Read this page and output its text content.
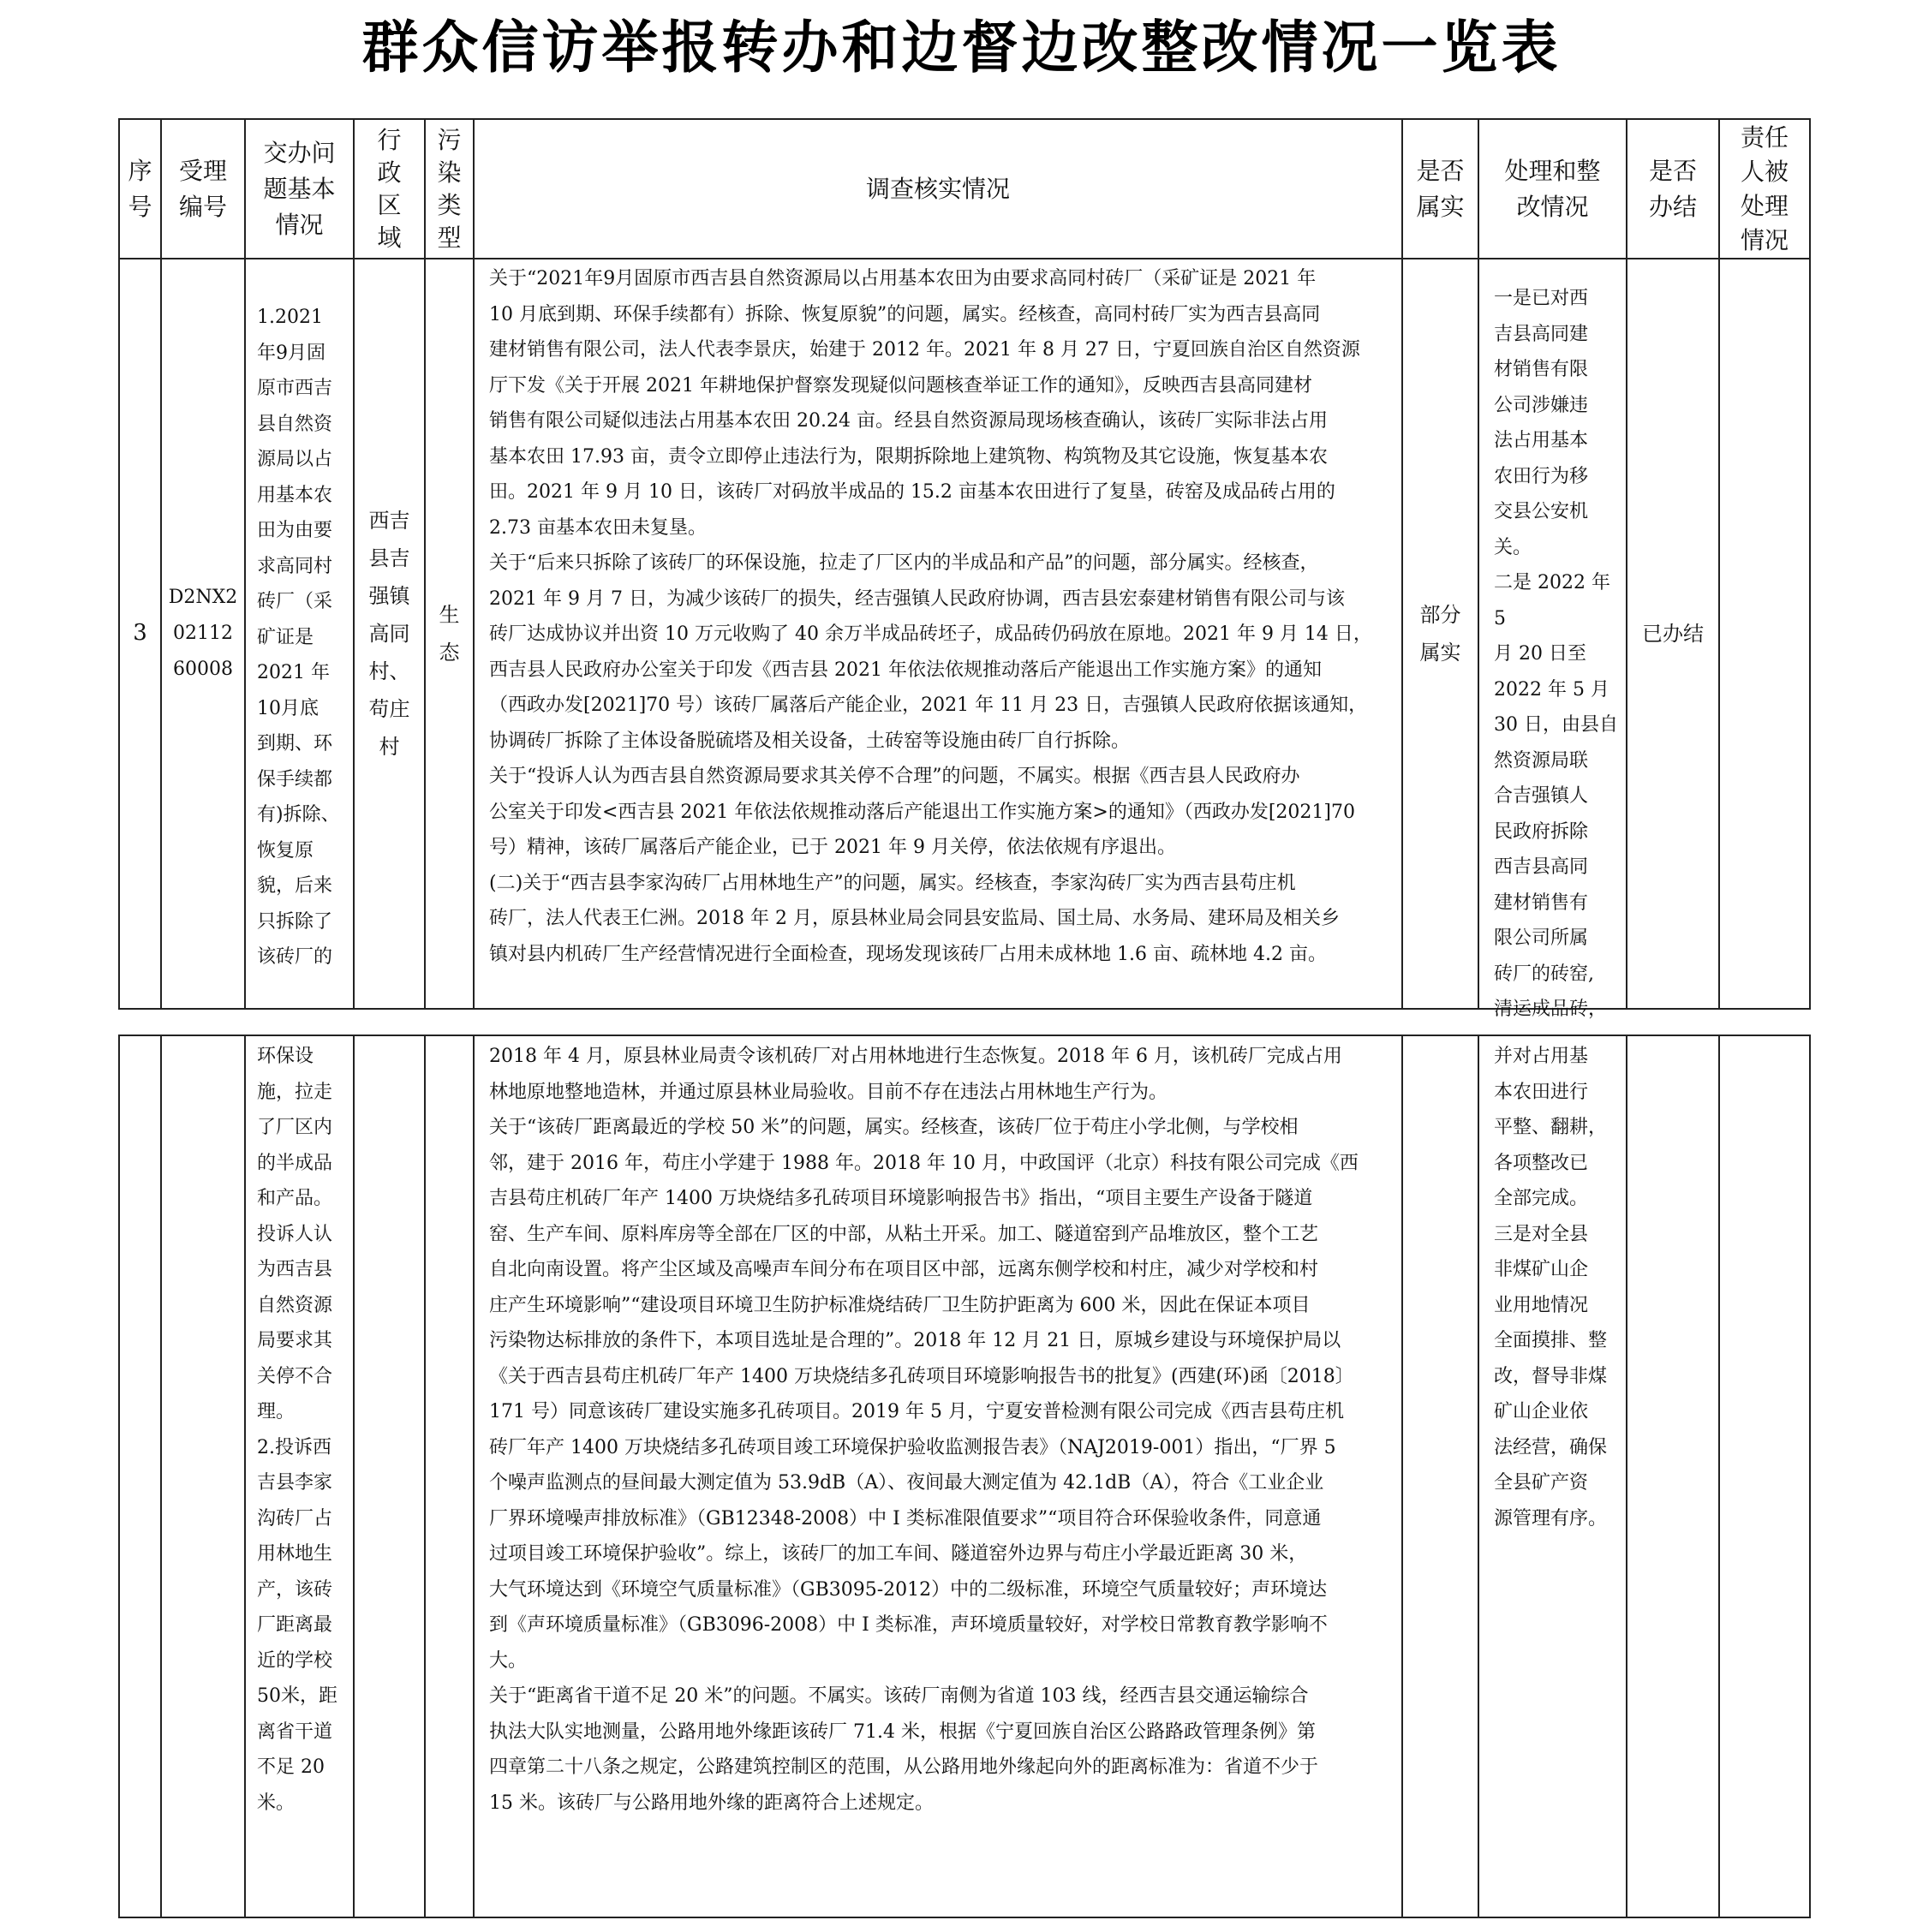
群众信访举报转办和边督边改整改情况一览表
序
号
受理
编号
交办问
题基本
情况
行
政
区
域
污
染
类
型
调查核实情况
是否
属实
处理和整
改情况
是否
办结
责任
人被
处理
情况
3
D2NX2
02112
60008
1.2021
年9月固
原市西吉
县自然资
源局以占
用基本农
田为由要
求高同村
砖厂（采
矿证是
2021 年
10月底
到期、环
保手续都
有)拆除、
恢复原
貌，后来
只拆除了
该砖厂的
西吉
县吉
强镇
高同
村、
苟庄
村
生
态
关于“2021年9月固原市西吉县自然资源局以占用基本农田为由要求高同村砖厂（采矿证是 2021 年
10 月底到期、环保手续都有）拆除、恢复原貌”的问题，属实。经核查，高同村砖厂实为西吉县高同
建材销售有限公司，法人代表李景庆，始建于 2012 年。2021 年 8 月 27 日，宁夏回族自治区自然资源
厅下发《关于开展 2021 年耕地保护督察发现疑似问题核查举证工作的通知》，反映西吉县高同建材
销售有限公司疑似违法占用基本农田 20.24 亩。经县自然资源局现场核查确认，该砖厂实际非法占用
基本农田 17.93 亩，责令立即停止违法行为，限期拆除地上建筑物、构筑物及其它设施，恢复基本农
田。2021 年 9 月 10 日，该砖厂对码放半成品的 15.2 亩基本农田进行了复垦，砖窑及成品砖占用的
2.73 亩基本农田未复垦。
关于“后来只拆除了该砖厂的环保设施，拉走了厂区内的半成品和产品”的问题，部分属实。经核查，
2021 年 9 月 7 日，为减少该砖厂的损失，经吉强镇人民政府协调，西吉县宏泰建材销售有限公司与该
砖厂达成协议并出资 10 万元收购了 40 余万半成品砖坯子，成品砖仍码放在原地。2021 年 9 月 14 日，
西吉县人民政府办公室关于印发《西吉县 2021 年依法依规推动落后产能退出工作实施方案》的通知
（西政办发[2021]70 号）该砖厂属落后产能企业，2021 年 11 月 23 日，吉强镇人民政府依据该通知，
协调砖厂拆除了主体设备脱硫塔及相关设备，土砖窑等设施由砖厂自行拆除。
关于“投诉人认为西吉县自然资源局要求其关停不合理”的问题，不属实。根据《西吉县人民政府办
公室关于印发<西吉县 2021 年依法依规推动落后产能退出工作实施方案>的通知》（西政办发[2021]70
号）精神，该砖厂属落后产能企业，已于 2021 年 9 月关停，依法依规有序退出。
(二)关于“西吉县李家沟砖厂占用林地生产”的问题，属实。经核查，李家沟砖厂实为西吉县苟庄机
砖厂，法人代表王仁洲。2018 年 2 月，原县林业局会同县安监局、国土局、水务局、建环局及相关乡
镇对县内机砖厂生产经营情况进行全面检查，现场发现该砖厂占用未成林地 1.6 亩、疏林地 4.2 亩。
部分
属实
一是已对西
吉县高同建
材销售有限
公司涉嫌违
法占用基本
农田行为移
交县公安机
关。
二是 2022 年 5
月 20 日至
2022 年 5 月
30 日，由县自
然资源局联
合吉强镇人
民政府拆除
西吉县高同
建材销售有
限公司所属
砖厂的砖窑,
清运成品砖，
已办结
环保设
施，拉走
了厂区内
的半成品
和产品。
投诉人认
为西吉县
自然资源
局要求其
关停不合
理。
2.投诉西
吉县李家
沟砖厂占
用林地生
产，该砖
厂距离最
近的学校
50米，距
离省干道
不足 20
米。
2018 年 4 月，原县林业局责令该机砖厂对占用林地进行生态恢复。2018 年 6 月，该机砖厂完成占用
林地原地整地造林，并通过原县林业局验收。目前不存在违法占用林地生产行为。
关于“该砖厂距离最近的学校 50 米”的问题，属实。经核查，该砖厂位于苟庄小学北侧，与学校相
邻，建于 2016 年，苟庄小学建于 1988 年。2018 年 10 月，中政国评（北京）科技有限公司完成《西
吉县苟庄机砖厂年产 1400 万块烧结多孔砖项目环境影响报告书》指出，“项目主要生产设备于隧道
窑、生产车间、原料库房等全部在厂区的中部，从粘土开采。加工、隧道窑到产品堆放区，整个工艺
自北向南设置。将产尘区域及高噪声车间分布在项目区中部，远离东侧学校和村庄，减少对学校和村
庄产生环境影响”“建设项目环境卫生防护标准烧结砖厂卫生防护距离为 600 米，因此在保证本项目
污染物达标排放的条件下，本项目选址是合理的”。2018 年 12 月 21 日，原城乡建设与环境保护局以
《关于西吉县苟庄机砖厂年产 1400 万块烧结多孔砖项目环境影响报告书的批复》(西建(环)函〔2018〕
171 号）同意该砖厂建设实施多孔砖项目。2019 年 5 月，宁夏安普检测有限公司完成《西吉县苟庄机
砖厂年产 1400 万块烧结多孔砖项目竣工环境保护验收监测报告表》（NAJ2019-001）指出，“厂界 5
个噪声监测点的昼间最大测定值为 53.9dB（A）、夜间最大测定值为 42.1dB（A），符合《工业企业
厂界环境噪声排放标准》（GB12348-2008）中 I 类标准限值要求”“项目符合环保验收条件，同意通
过项目竣工环境保护验收”。综上，该砖厂的加工车间、隧道窑外边界与苟庄小学最近距离 30 米，
大气环境达到《环境空气质量标准》（GB3095-2012）中的二级标准，环境空气质量较好；声环境达
到《声环境质量标准》（GB3096-2008）中 I 类标准，声环境质量较好，对学校日常教育教学影响不
大。
关于“距离省干道不足 20 米”的问题。不属实。该砖厂南侧为省道 103 线，经西吉县交通运输综合
执法大队实地测量，公路用地外缘距该砖厂 71.4 米，根据《宁夏回族自治区公路路政管理条例》第
四章第二十八条之规定，公路建筑控制区的范围，从公路用地外缘起向外的距离标准为：省道不少于
15 米。该砖厂与公路用地外缘的距离符合上述规定。
并对占用基
本农田进行
平整、翻耕，
各项整改已
全部完成。
三是对全县
非煤矿山企
业用地情况
全面摸排、整
改，督导非煤
矿山企业依
法经营，确保
全县矿产资
源管理有序。
